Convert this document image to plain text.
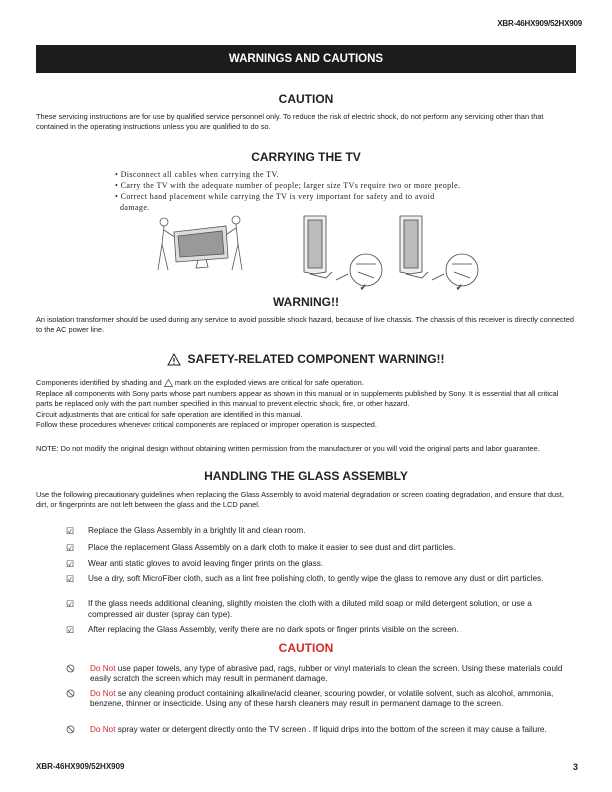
XBR-46HX909/52HX909
WARNINGS AND CAUTIONS
CAUTION
These servicing instructions are for use by qualified service personnel only. To reduce the risk of electric shock, do not perform any servicing other than that contained in the operating instructions unless you are qualified to do so.
CARRYING THE TV
• Disconnect all cables when carrying the TV.
• Carry the TV with the adequate number of people; larger size TVs require two or more people.
• Correct hand placement while carrying the TV is very important for safety and to avoid
damage.
✓	✓
WARNING!!
An isolation transformer should be used during any service to avoid possible shock hazard, because of live chassis. The chassis of this receiver is directly connected to the AC power line.
SAFETY-RELATED COMPONENT WARNING!!
Components identified by shading and mark on the exploded views are critical for safe operation.
Replace all components with Sony parts whose part numbers appear as shown in this manual or in supplements published by Sony. It is essential that all critical parts be replaced only with the part number specified in this manual to prevent electric shock, fire, or other hazard.
Circuit adjustments that are critical for safe operation are identified in this manual.
Follow these procedures whenever critical components are replaced or improper operation is suspected.
NOTE: Do not modify the original design without obtaining written permission from the manufacturer or you will void the original parts and labor guarantee.
HANDLING THE GLASS ASSEMBLY
Use the following precautionary guidelines when replacing the Glass Assembly to avoid material degradation or screen coating degradation, and ensure that dust, dirt, or fingerprints are not left between the glass and the LCD panel.
☑	Replace the Glass Assembly in a brightly lit and clean room.
☑	Place the replacement Glass Assembly on a dark cloth to make it easier to see dust and dirt particles.
☑	Wear anti static gloves to avoid leaving finger prints on the glass.
☑	Use a dry, soft MicroFiber cloth, such as a lint free polishing cloth, to gently wipe the glass to remove any dust or dirt particles.
☑	If the glass needs additional cleaning, slightly moisten the cloth with a diluted mild soap or mild detergent solution, or use a compressed air duster (spray can type).
☑	After replacing the Glass Assembly, verify there are no dark spots or finger prints visible on the screen.
CAUTION
Do Not use paper towels, any type of abrasive pad, rags, rubber or vinyl materials to clean the screen. Using these materials could easily scratch the screen which may result in permanent damage.
Do Not se any cleaning product containing alkaline/acid cleaner, scouring powder, or volatile solvent, such as alcohol, ammonia, benzene, thinner or insecticide. Using any of these harsh cleaners may result in permanent damage to the screen.
Do Not spray water or detergent directly onto the TV screen . If liquid drips into the bottom of the screen it may cause a failure.
XBR-46HX909/52HX909	3
